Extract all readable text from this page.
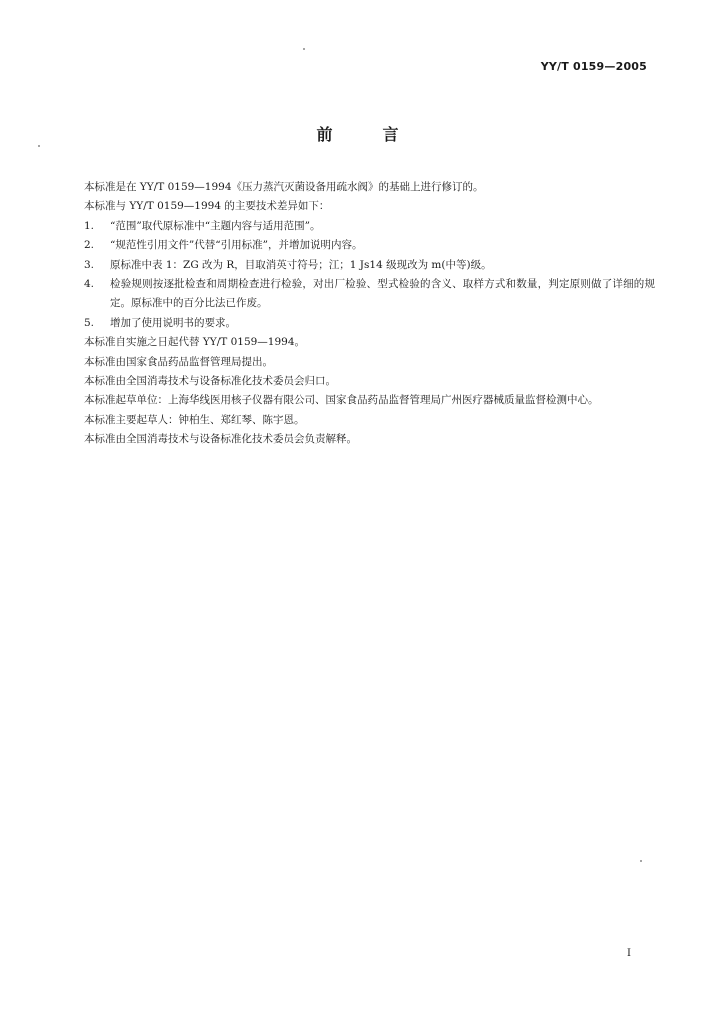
YY/T 0159—2005
前言

本标准是在 YY/T 0159—1994《压力蒸汽灭菌设备用疏水阀》的基础上进行修订的。

本标准与 YY/T 0159—1994 的主要技术差异如下：

1.	“范围”取代原标准中“主题内容与适用范围”。
2.	“规范性引用文件”代替“引用标准”，并增加说明内容。
3.	原标准中表 1：ZG 改为 R，目取消英寸符号；江；1 Js14 级现改为 m(中等)级。
4.	检验规则按逐批检查和周期检查进行检验，对出厂检验、型式检验的含义、取样方式和数量，判定原则做了详细的规定。原标准中的百分比法已作废。
5.	增加了使用说明书的要求。

本标准自实施之日起代替 YY/T 0159—1994。

本标准由国家食品药品监督管理局提出。

本标准由全国消毒技术与设备标准化技术委员会归口。

本标准起草单位：上海华线医用核子仪器有限公司、国家食品药品监督管理局广州医疗器械质量监督检测中心。

本标准主要起草人：钟柏生、郑红琴、陈宇恩。

本标准由全国消毒技术与设备标准化技术委员会负责解释。

I
